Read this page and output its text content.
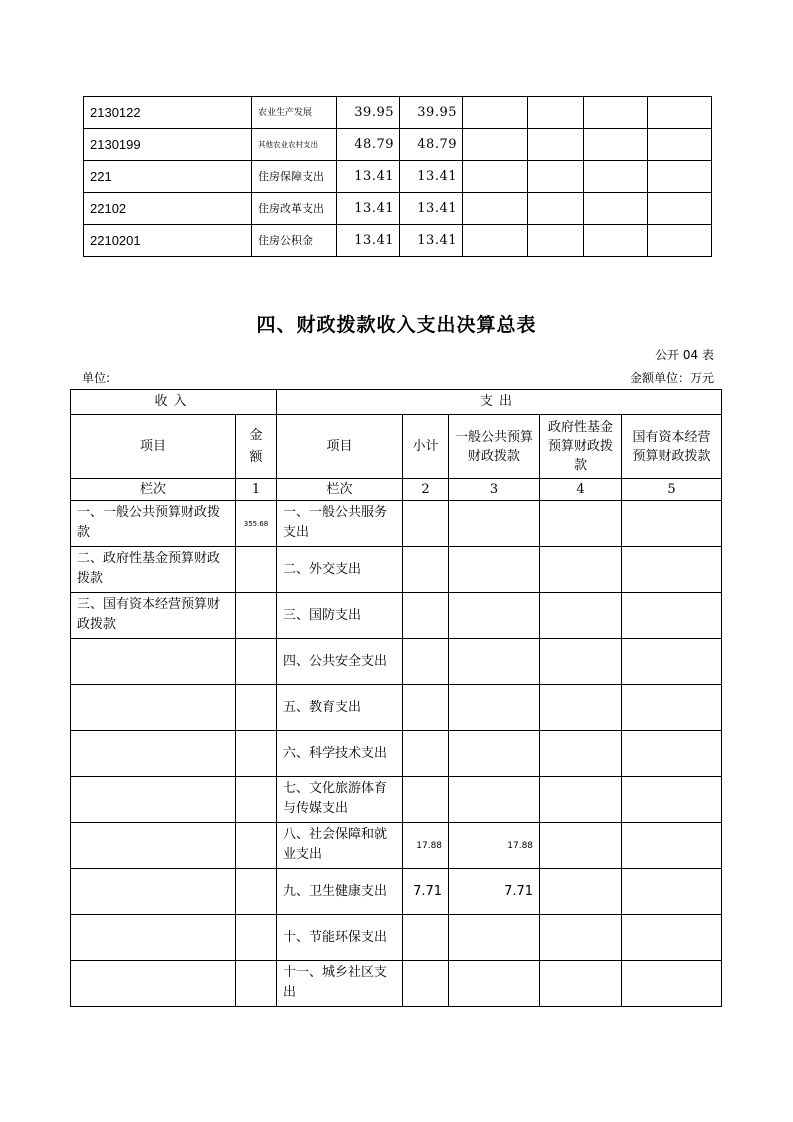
2130122	农业生产发展	39.95	39.95				
2130199	其他农业农村支出	48.79	48.79				
221	住房保障支出	13.41	13.41				
22102	住房改革支出	13.41	13.41				
2210201	住房公积金	13.41	13.41				
四、财政拨款收入支出决算总表
公开 04 表
单位:	金额单位：万元
收入		支出				
项目	金额	项目	小计	一般公共预算财政拨款	政府性基金预算财政拨款	国有资本经营预算财政拨款
栏次	1	栏次	2	3	4	5
一、一般公共预算财政拨款	355.68	一、一般公共服务支出				
二、政府性基金预算财政拨款		二、外交支出				
三、国有资本经营预算财政拨款		三、国防支出				
		四、公共安全支出				
		五、教育支出				
		六、科学技术支出				
		七、文化旅游体育与传媒支出				
		八、社会保障和就业支出	17.88	17.88		
		九、卫生健康支出	7.71	7.71		
		十、节能环保支出				
		十一、城乡社区支出				
